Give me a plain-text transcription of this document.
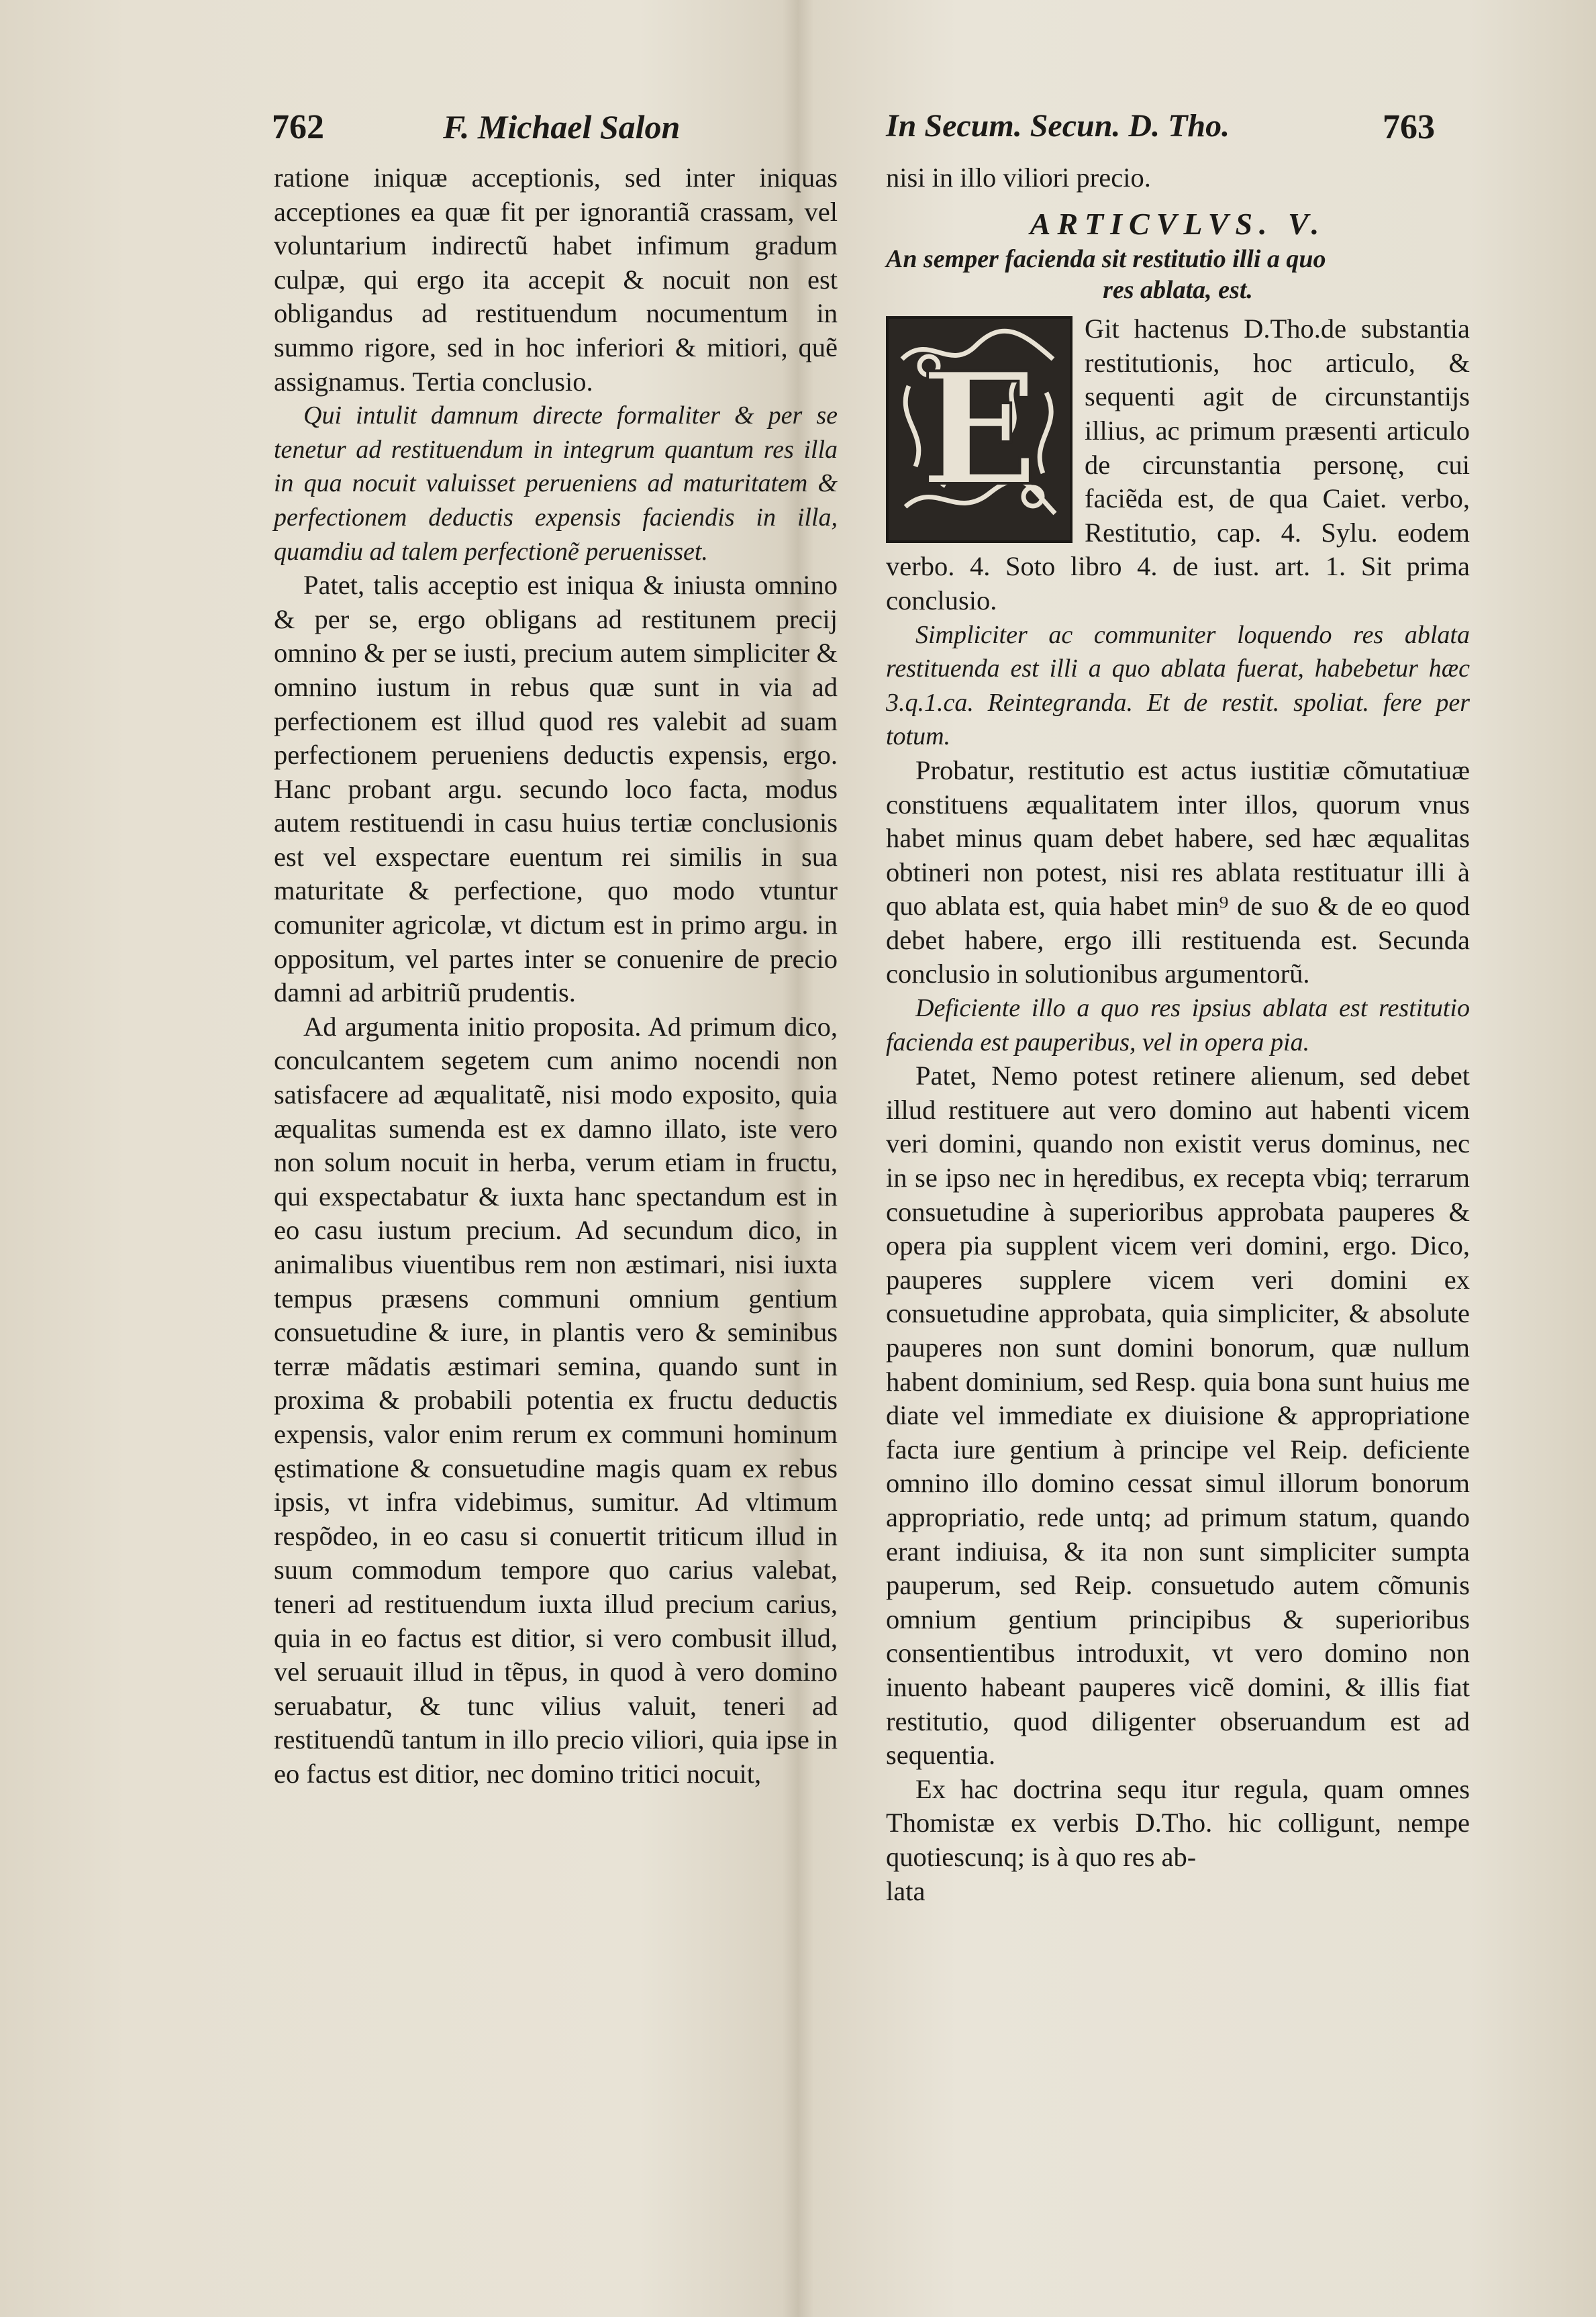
762	F. Michael Salon

ratione iniquæ acceptionis, sed inter iniquas acceptiones ea quæ fit per ignorantiã crassam, vel voluntarium indirectũ habet infimum gradum culpæ, qui ergo ita accepit & nocuit non est obligandus ad restituendum nocumentum in summo rigore, sed in hoc inferiori & mitiori, quẽ assignamus. Tertia conclusio.

Qui intulit damnum directe formaliter & per se tenetur ad restituendum in integrum quantum res illa in qua nocuit valuisset perueniens ad maturitatem & perfectionem deductis expensis faciendis in illa, quamdiu ad talem perfectionẽ peruenisset.

Patet, talis acceptio est iniqua & iniusta omnino & per se, ergo obligans ad restitunem precij omnino & per se iusti, precium autem simpliciter & omnino iustum in rebus quæ sunt in via ad perfectionem est illud quod res valebit ad suam perfectionem perueniens deductis expensis, ergo. Hanc probant argu. secundo loco facta, modus autem restituendi in casu huius tertiæ conclusionis est vel exspectare euentum rei similis in sua maturitate & perfectione, quo modo vtuntur comuniter agricolæ, vt dictum est in primo argu. in oppositum, vel partes inter se conuenire de precio damni ad arbitriũ prudentis.

Ad argumenta initio proposita. Ad primum dico, conculcantem segetem cum animo nocendi non satisfacere ad æqualitatẽ, nisi modo exposito, quia æqualitas sumenda est ex damno illato, iste vero non solum nocuit in herba, verum etiam in fructu, qui exspectabatur & iuxta hanc spectandum est in eo casu iustum precium. Ad secundum dico, in animalibus viuentibus rem non æstimari, nisi iuxta tempus præsens communi omnium gentium consuetudine & iure, in plantis vero & seminibus terræ mãdatis æstimari semina, quando sunt in proxima & probabili potentia ex fructu deductis expensis, valor enim rerum ex communi hominum ęstimatione & consuetudine magis quam ex rebus ipsis, vt infra videbimus, sumitur. Ad vltimum respõdeo, in eo casu si conuertit triticum illud in suum commodum tempore quo carius valebat, teneri ad restituendum iuxta illud precium carius, quia in eo factus est ditior, si vero combusit illud, vel seruauit illud in tẽpus, in quod à vero domino seruabatur, & tunc vilius valuit, teneri ad restituendũ tantum in illo precio viliori, quia ipse in eo factus est ditior, nec domino tritici nocuit,

In Secum. Secun. D. Tho.	763

nisi in illo viliori precio.

ARTICVLVS. V.
An semper facienda sit restitutio illi a quo
res ablata, est.
E

Git hactenus D.Tho.de substantia restitutionis, hoc articulo, & sequenti agit de circunstantijs illius, ac primum præsenti articulo de circunstantia personę, cui faciẽda est, de qua Caiet. verbo, Restitutio, cap. 4. Sylu. eodem verbo. 4. Soto libro 4. de iust. art. 1. Sit prima conclusio.

Simpliciter ac communiter loquendo res ablata restituenda est illi a quo ablata fuerat, habebetur hæc 3.q.1.ca. Reintegranda. Et de restit. spoliat. fere per totum.

Probatur, restitutio est actus iustitiæ cõmutatiuæ constituens æqualitatem inter illos, quorum vnus habet minus quam debet habere, sed hæc æqualitas obtineri non potest, nisi res ablata restituatur illi à quo ablata est, quia habet min⁹ de suo & de eo quod debet habere, ergo illi restituenda est. Secunda conclusio in solutionibus argumentorũ.

Deficiente illo a quo res ipsius ablata est restitutio facienda est pauperibus, vel in opera pia.

Patet, Nemo potest retinere alienum, sed debet illud restituere aut vero domino aut habenti vicem veri domini, quando non existit verus dominus, nec in se ipso nec in hęredibus, ex recepta vbiq; terrarum consuetudine à superioribus approbata pauperes & opera pia supplent vicem veri domini, ergo. Dico, pauperes supplere vicem veri domini ex consuetudine approbata, quia simpliciter, & absolute pauperes non sunt domini bonorum, quæ nullum habent dominium, sed Resp. quia bona sunt huius me diate vel immediate ex diuisione & appropriatione facta iure gentium à principe vel Reip. deficiente omnino illo domino cessat simul illorum bonorum appropriatio, rede untq; ad primum statum, quando erant indiuisa, & ita non sunt simpliciter sumpta pauperum, sed Reip. consuetudo autem cõmunis omnium gentium principibus & superioribus consentientibus introduxit, vt vero domino non inuento habeant pauperes vicẽ domini, & illis fiat restitutio, quod diligenter obseruandum est ad sequentia.

Ex hac doctrina sequ itur regula, quam omnes Thomistæ ex verbis D.Tho. hic colligunt, nempe quotiescunq; is à quo res ab-

lata
